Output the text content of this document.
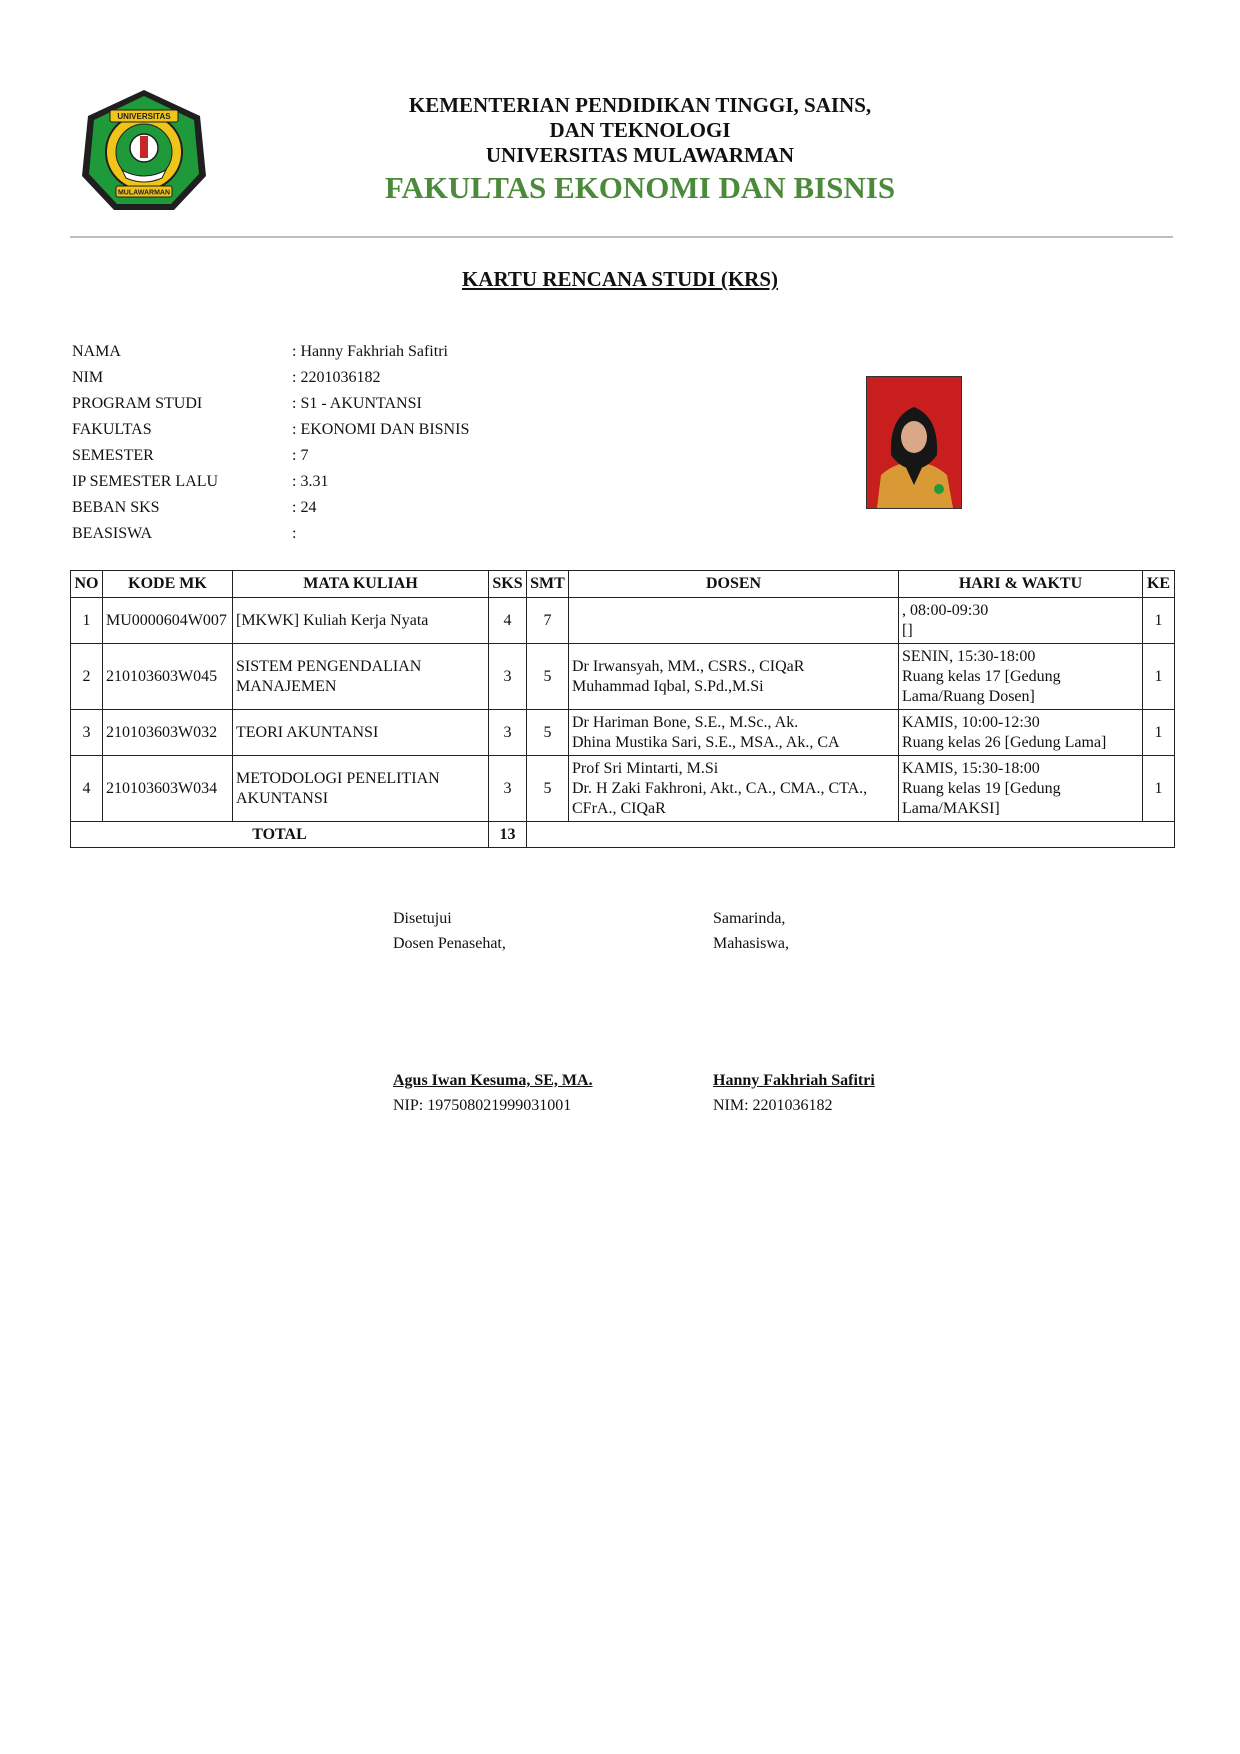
UNIVERSITAS
MULAWARMAN
KEMENTERIAN PENDIDIKAN TINGGI, SAINS,
DAN TEKNOLOGI
UNIVERSITAS MULAWARMAN
FAKULTAS EKONOMI DAN BISNIS
KARTU RENCANA STUDI (KRS)
NAMA	: Hanny Fakhriah Safitri
NIM	: 2201036182
PROGRAM STUDI	: S1 - AKUNTANSI
FAKULTAS	: EKONOMI DAN BISNIS
SEMESTER	: 7
IP SEMESTER LALU	: 3.31
BEBAN SKS	: 24
BEASISWA	:
NO	KODE MK	MATA KULIAH	SKS	SMT	DOSEN	HARI & WAKTU	KE
1	MU0000604W007	[MKWK] Kuliah Kerja Nyata	4	7		, 08:00-09:30
[]	1
2	210103603W045	SISTEM PENGENDALIAN
MANAJEMEN	3	5	Dr Irwansyah, MM., CSRS., CIQaR
Muhammad Iqbal, S.Pd.,M.Si	SENIN, 15:30-18:00
Ruang kelas 17 [Gedung
Lama/Ruang Dosen]	1
3	210103603W032	TEORI AKUNTANSI	3	5	Dr Hariman Bone, S.E., M.Sc., Ak.
Dhina Mustika Sari, S.E., MSA., Ak., CA	KAMIS, 10:00-12:30
Ruang kelas 26 [Gedung Lama]	1
4	210103603W034	METODOLOGI PENELITIAN
AKUNTANSI	3	5	Prof Sri Mintarti, M.Si
Dr. H Zaki Fakhroni, Akt., CA., CMA., CTA.,
CFrA., CIQaR	KAMIS, 15:30-18:00
Ruang kelas 19 [Gedung
Lama/MAKSI]	1
TOTAL			13				
Disetujui
Dosen Penasehat,
Agus Iwan Kesuma, SE, MA.
NIP: 197508021999031001
Samarinda,
Mahasiswa,
Hanny Fakhriah Safitri
NIM: 2201036182
